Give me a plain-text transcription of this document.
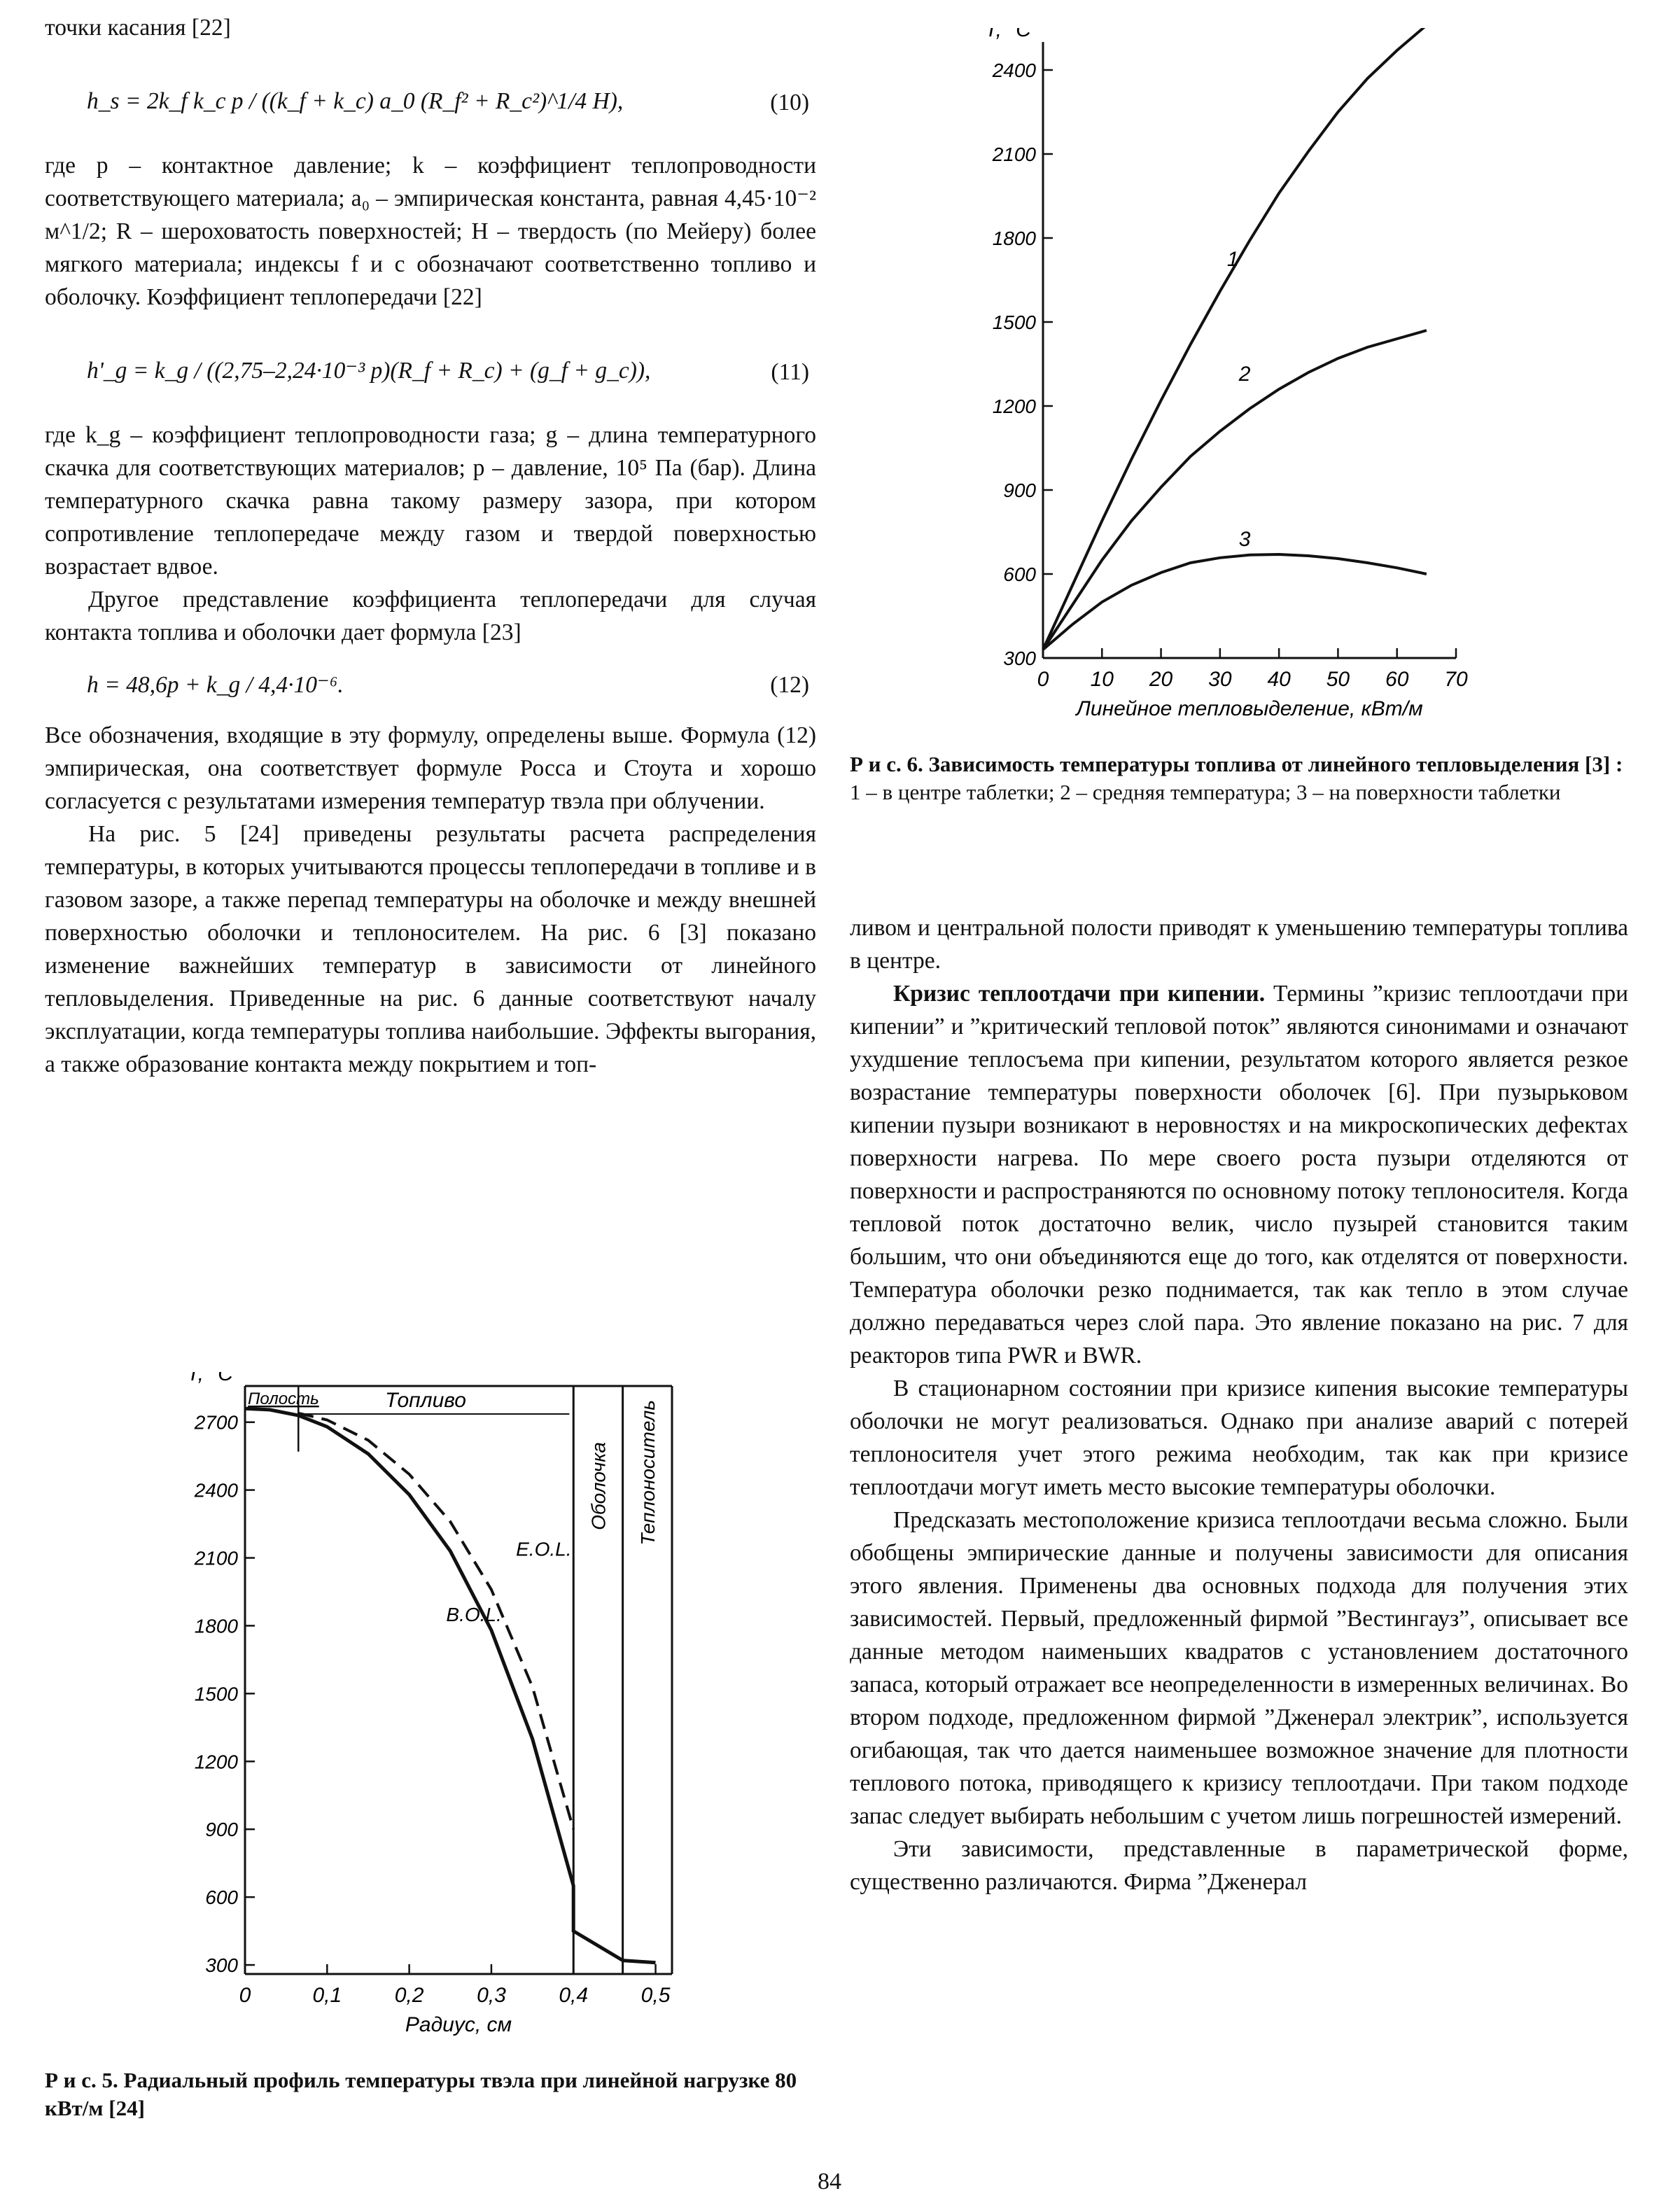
точки касания [22]

h_s = 2k_f k_c p / ((k_f + k_c) a_0 (R_f² + R_c²)^1/4 H),	(10)

где p – контактное давление; k – коэффициент теплопроводности соответствующего материала; a₀ – эмпирическая константа, равная 4,45·10⁻² м^1/2; R – шероховатость поверхностей; H – твердость (по Мейеру) более мягкого материала; индексы f и c обозначают соответственно топливо и оболочку. Коэффициент теплопередачи [22]

h'_g = k_g / ((2,75–2,24·10⁻³ p)(R_f + R_c) + (g_f + g_c)),	(11)

где k_g – коэффициент теплопроводности газа; g – длина температурного скачка для соответствующих материалов; p – давление, 10⁵ Па (бар). Длина температурного скачка равна такому размеру зазора, при котором сопротивление теплопередаче между газом и твердой поверхностью возрастает вдвое.

Другое представление коэффициента теплопередачи для случая контакта топлива и оболочки дает формула [23]

h = 48,6p + k_g / 4,4·10⁻⁶.	(12)

Все обозначения, входящие в эту формулу, определены выше. Формула (12) эмпирическая, она соответствует формуле Росса и Стоута и хорошо согласуется с результатами измерения температур твэла при облучении.

На рис. 5 [24] приведены результаты расчета распределения температуры, в которых учитываются процессы теплопередачи в топливе и в газовом зазоре, а также перепад температуры на оболочке и между внешней поверхностью оболочки и теплоносителем. На рис. 6 [3] показано изменение важнейших температур в зависимости от линейного тепловыделения. Приведенные на рис. 6 данные соответствуют началу эксплуатации, когда температуры топлива наибольшие. Эффекты выгорания, а также образование контакта между покрытием и топ-

300
600
900
1200
1500
1800
2100
2400
0 10 20 30 40 50 60 70
T, °C
Линейное тепловыделение, кВт/м
1
2
3
Р и с. 6. Зависимость температуры топлива от линейного тепловыделения [3] :
1 – в центре таблетки; 2 – средняя температура; 3 – на поверхности таблетки
300
600
900
1200
1500
1800
2100
2400
2700
0	0,1	0,2	0,3	0,4	0,5
T, °C
Радиус, см
Полость	Топливо
Оболочка Теплоноситель
B.O.L.
E.O.L.
Р и с. 5. Радиальный профиль температуры твэла при линейной нагрузке 80 кВт/м [24]

ливом и центральной полости приводят к уменьшению температуры топлива в центре.

Кризис теплоотдачи при кипении. Термины ”кризис теплоотдачи при кипении” и ”критический тепловой поток” являются синонимами и означают ухудшение теплосъема при кипении, результатом которого является резкое возрастание температуры поверхности оболочек [6]. При пузырьковом кипении пузыри возникают в неровностях и на микроскопических дефектах поверхности нагрева. По мере своего роста пузыри отделяются от поверхности и распространяются по основному потоку теплоносителя. Когда тепловой поток достаточно велик, число пузырей становится таким большим, что они объединяются еще до того, как отделятся от поверхности. Температура оболочки резко поднимается, так как тепло в этом случае должно передаваться через слой пара. Это явление показано на рис. 7 для реакторов типа PWR и BWR.

В стационарном состоянии при кризисе кипения высокие температуры оболочки не могут реализоваться. Однако при анализе аварий с потерей теплоносителя учет этого режима необходим, так как при кризисе теплоотдачи могут иметь место высокие температуры оболочки.

Предсказать местоположение кризиса теплоотдачи весьма сложно. Были обобщены эмпирические данные и получены зависимости для описания этого явления. Применены два основных подхода для получения этих зависимостей. Первый, предложенный фирмой ”Вестингауз”, описывает все данные методом наименьших квадратов с установлением достаточного запаса, который отражает все неопределенности в измеренных величинах. Во втором подходе, предложенном фирмой ”Дженерал электрик”, используется огибающая, так что дается наименьшее возможное значение для плотности теплового потока, приводящего к кризису теплоотдачи. При таком подходе запас следует выбирать небольшим с учетом лишь погрешностей измерений.

Эти зависимости, представленные в параметрической форме, существенно различаются. Фирма ”Дженерал

84
